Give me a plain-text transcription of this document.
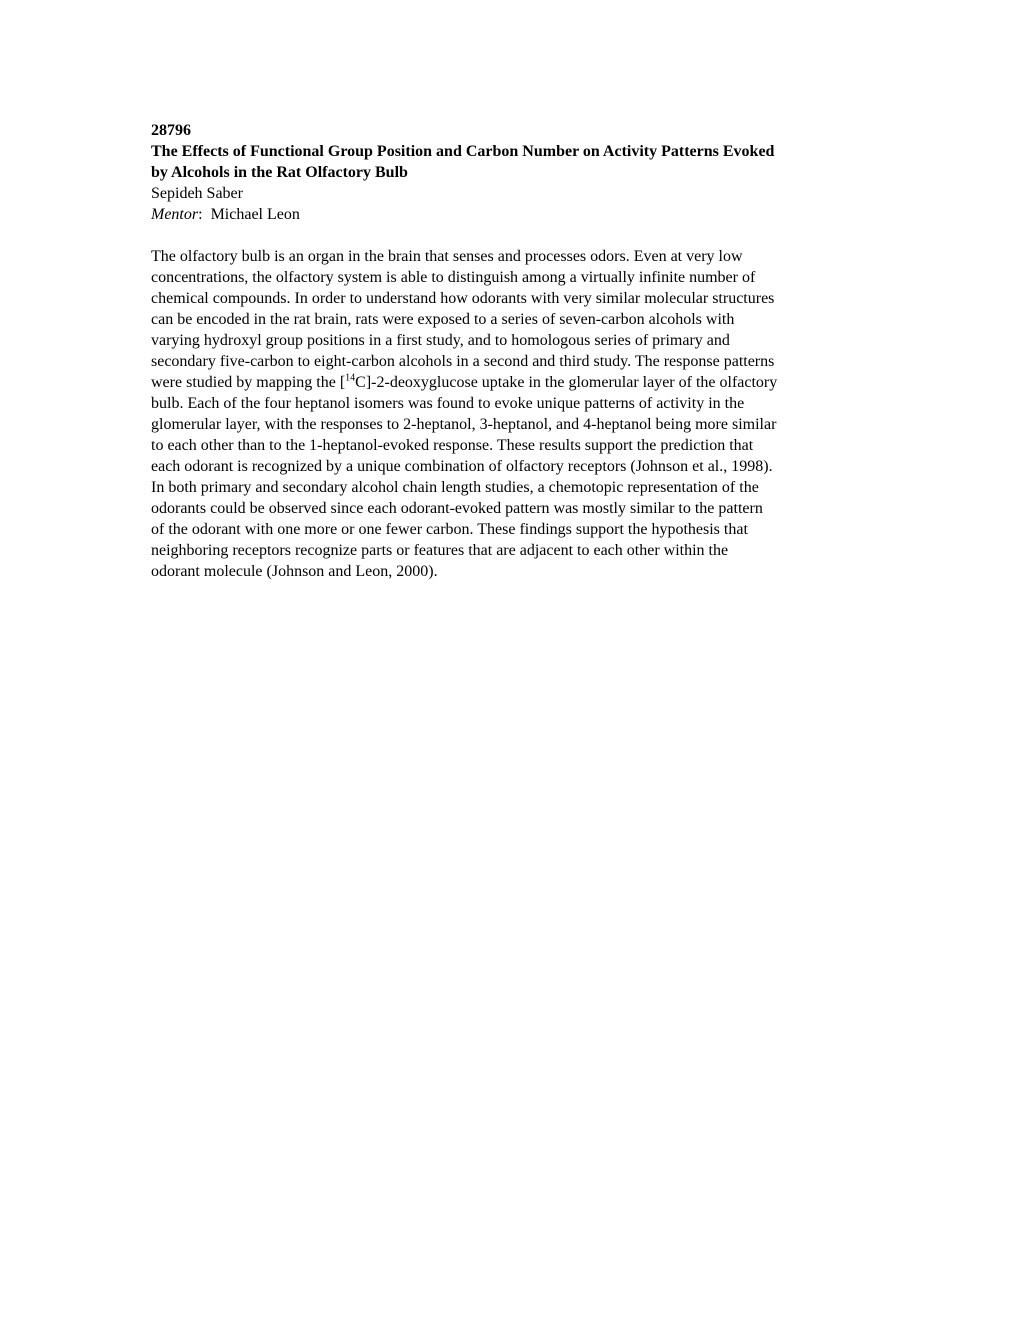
28796
The Effects of Functional Group Position and Carbon Number on Activity Patterns Evoked
by Alcohols in the Rat Olfactory Bulb
Sepideh Saber
Mentor: Michael Leon
The olfactory bulb is an organ in the brain that senses and processes odors. Even at very low
concentrations, the olfactory system is able to distinguish among a virtually infinite number of
chemical compounds. In order to understand how odorants with very similar molecular structures
can be encoded in the rat brain, rats were exposed to a series of seven-carbon alcohols with
varying hydroxyl group positions in a first study, and to homologous series of primary and
secondary five-carbon to eight-carbon alcohols in a second and third study. The response patterns
were studied by mapping the [$^{14}$C]-2-deoxyglucose uptake in the glomerular layer of the olfactory
bulb. Each of the four heptanol isomers was found to evoke unique patterns of activity in the
glomerular layer, with the responses to 2-heptanol, 3-heptanol, and 4-heptanol being more similar
to each other than to the 1-heptanol-evoked response. These results support the prediction that
each odorant is recognized by a unique combination of olfactory receptors (Johnson et al., 1998).
In both primary and secondary alcohol chain length studies, a chemotopic representation of the
odorants could be observed since each odorant-evoked pattern was mostly similar to the pattern
of the odorant with one more or one fewer carbon. These findings support the hypothesis that
neighboring receptors recognize parts or features that are adjacent to each other within the
odorant molecule (Johnson and Leon, 2000).
